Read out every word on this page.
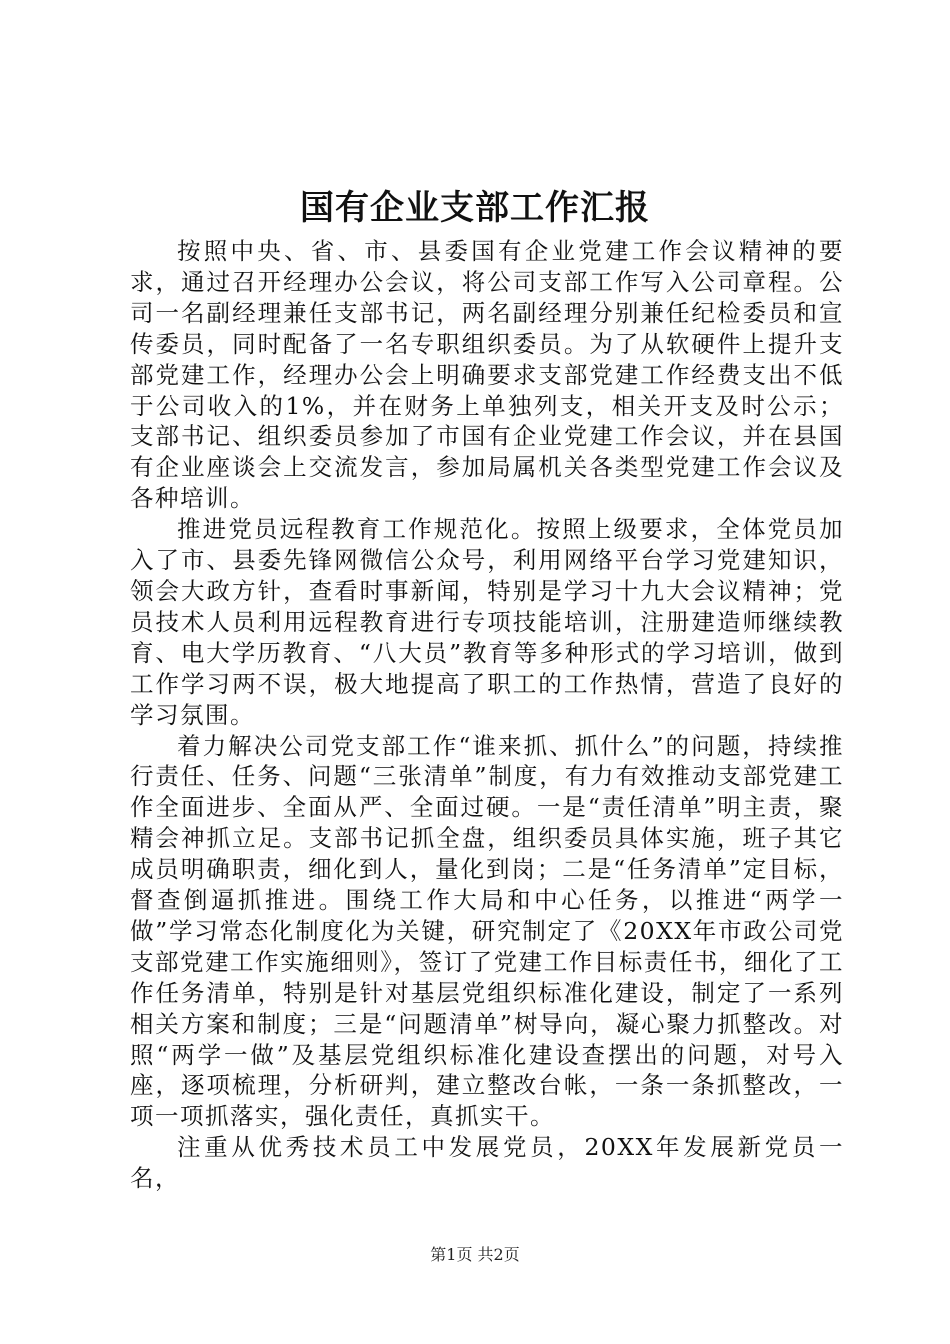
国有企业支部工作汇报

按照中央、省、市、县委国有企业党建工作会议精神的要求，通过召开经理办公会议，将公司支部工作写入公司章程。公司一名副经理兼任支部书记，两名副经理分别兼任纪检委员和宣传委员，同时配备了一名专职组织委员。为了从软硬件上提升支部党建工作，经理办公会上明确要求支部党建工作经费支出不低于公司收入的1%，并在财务上单独列支，相关开支及时公示；支部书记、组织委员参加了市国有企业党建工作会议，并在县国有企业座谈会上交流发言，参加局属机关各类型党建工作会议及各种培训。

推进党员远程教育工作规范化。按照上级要求，全体党员加入了市、县委先锋网微信公众号，利用网络平台学习党建知识，领会大政方针，查看时事新闻，特别是学习十九大会议精神；党员技术人员利用远程教育进行专项技能培训，注册建造师继续教育、电大学历教育、“八大员”教育等多种形式的学习培训，做到工作学习两不误，极大地提高了职工的工作热情，营造了良好的学习氛围。

着力解决公司党支部工作“谁来抓、抓什么”的问题，持续推行责任、任务、问题“三张清单”制度，有力有效推动支部党建工作全面进步、全面从严、全面过硬。一是“责任清单”明主责，聚精会神抓立足。支部书记抓全盘，组织委员具体实施，班子其它成员明确职责，细化到人，量化到岗；二是“任务清单”定目标，督查倒逼抓推进。围绕工作大局和中心任务，以推进“两学一做”学习常态化制度化为关键，研究制定了《20XX年市政公司党支部党建工作实施细则》，签订了党建工作目标责任书，细化了工作任务清单，特别是针对基层党组织标准化建设，制定了一系列相关方案和制度；三是“问题清单”树导向，凝心聚力抓整改。对照“两学一做”及基层党组织标准化建设查摆出的问题，对号入座，逐项梳理，分析研判，建立整改台帐，一条一条抓整改，一项一项抓落实，强化责任，真抓实干。

注重从优秀技术员工中发展党员，20XX年发展新党员一名，

第1页 共2页
